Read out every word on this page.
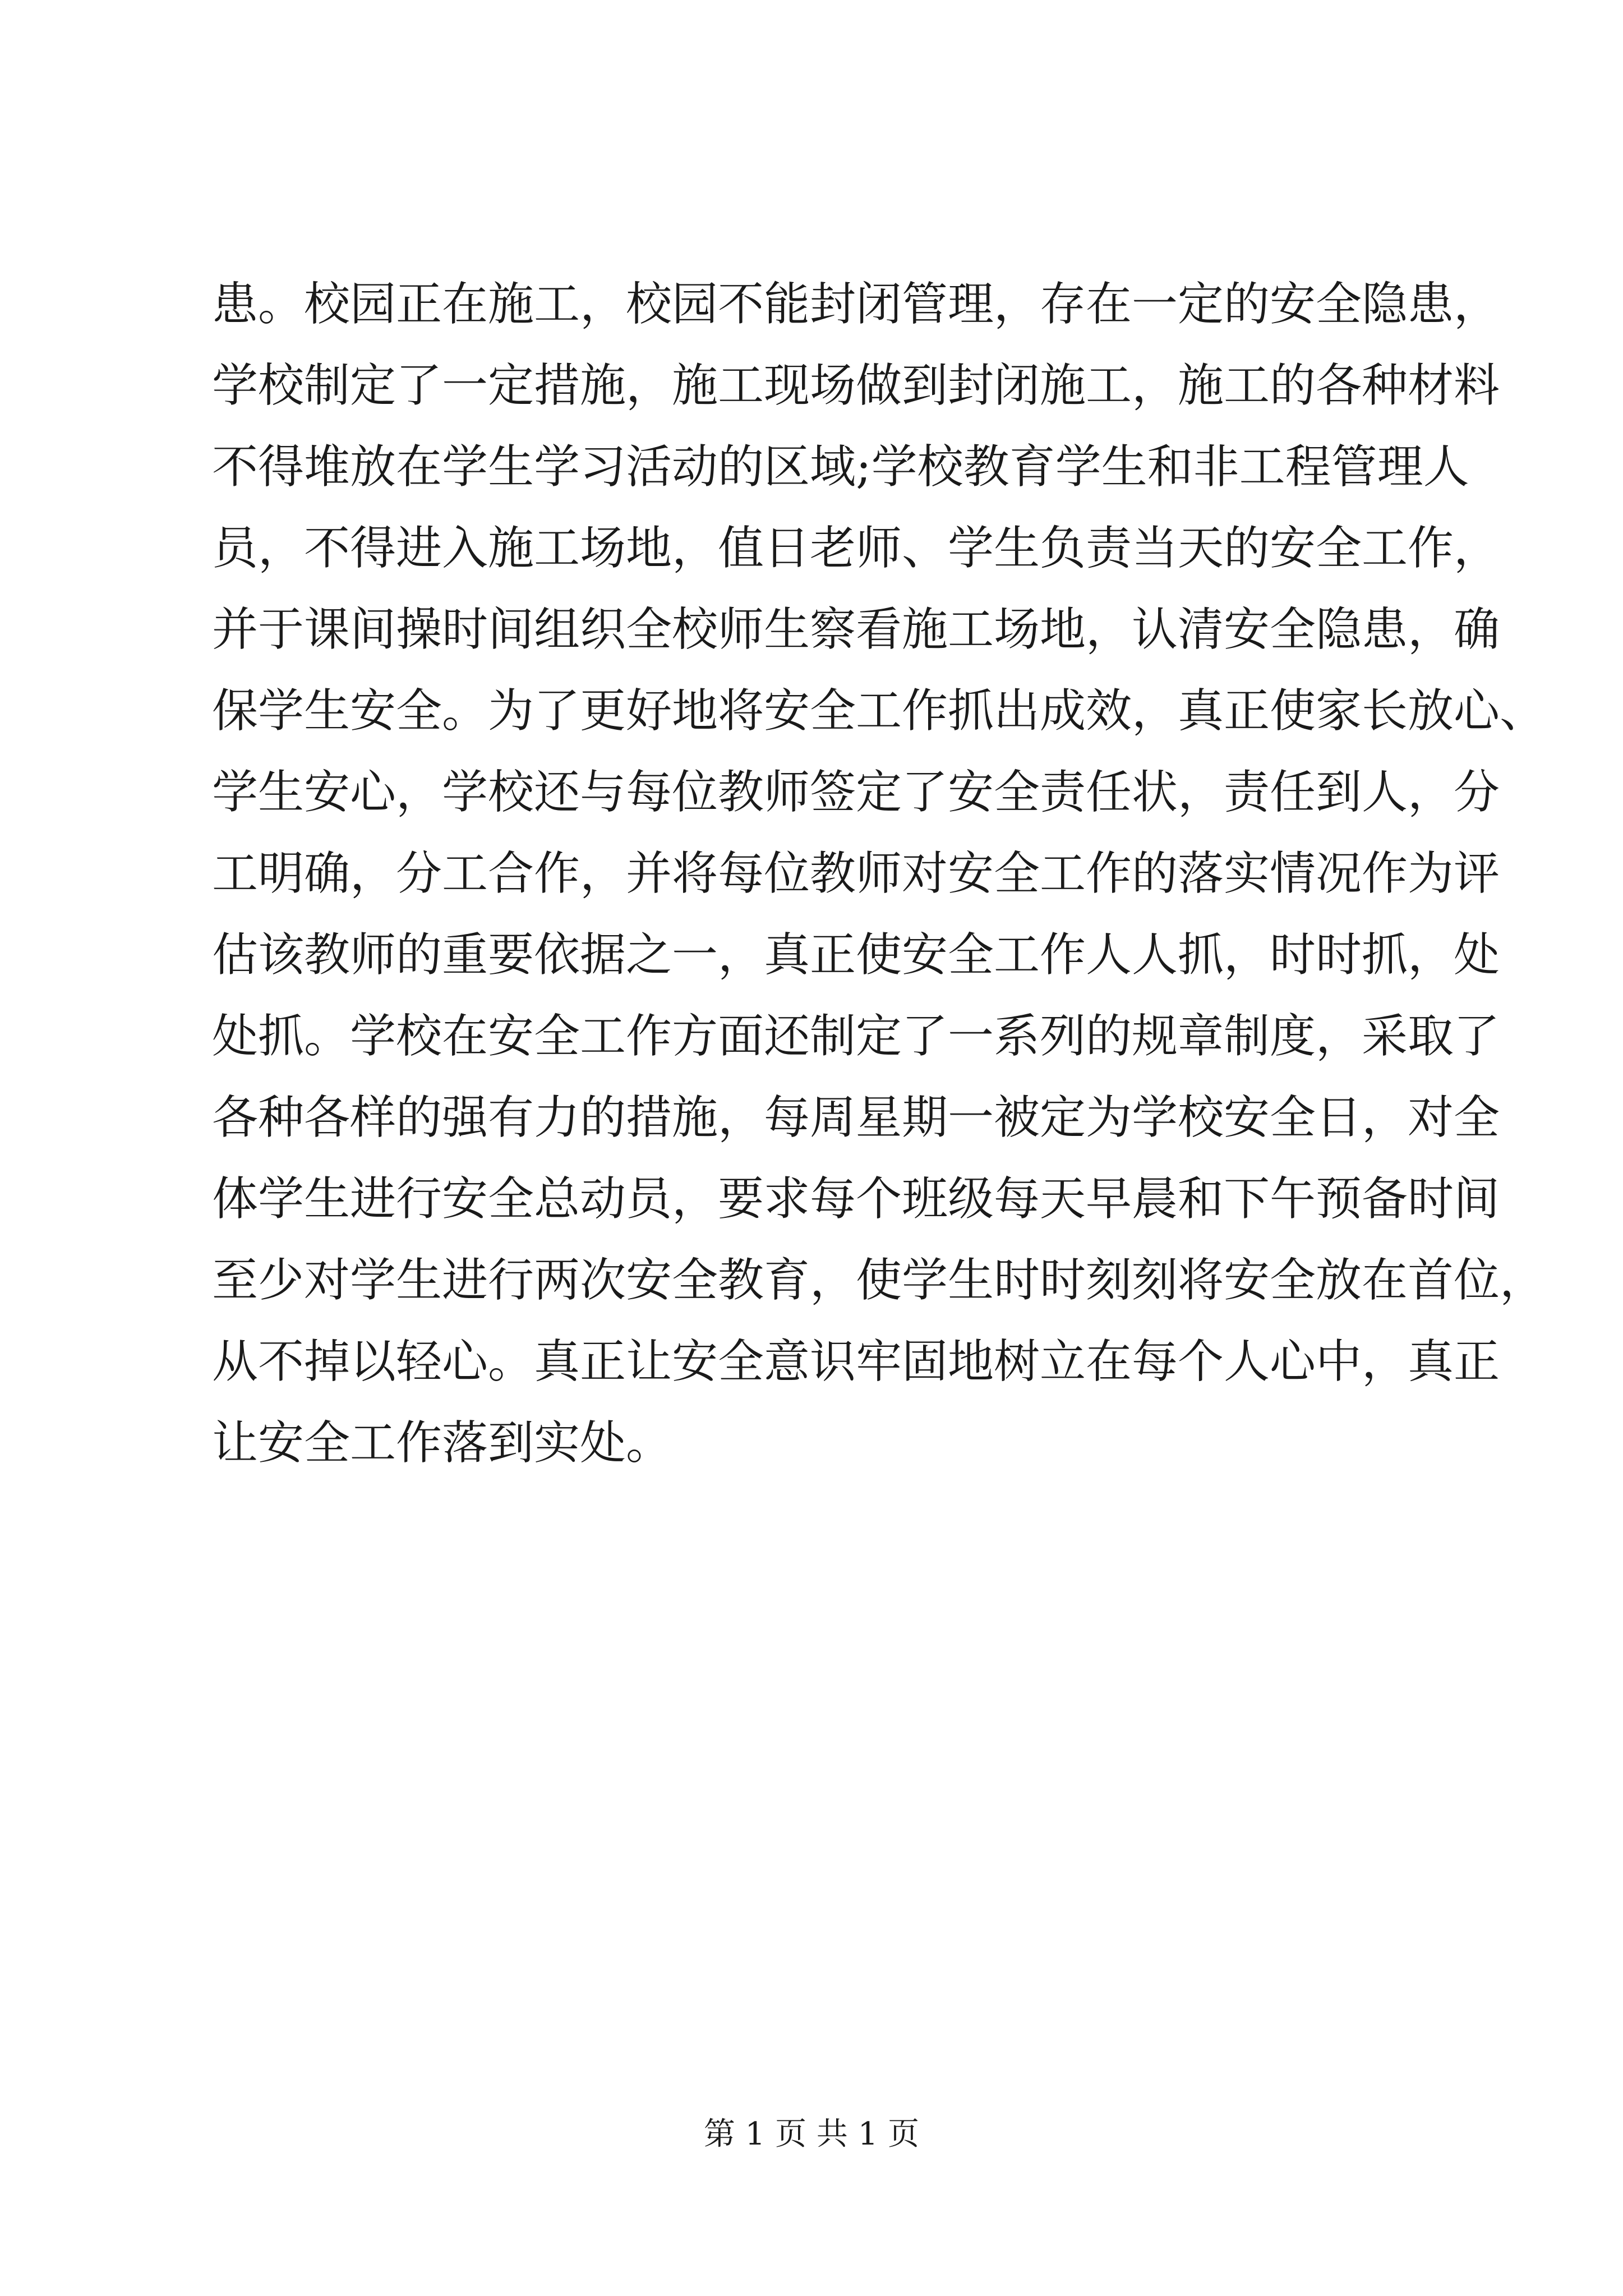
患。校园正在施工，校园不能封闭管理，存在一定的安全隐患，
学校制定了一定措施，施工现场做到封闭施工，施工的各种材料
不得堆放在学生学习活动的区域;学校教育学生和非工程管理人
员，不得进入施工场地，值日老师、学生负责当天的安全工作，
并于课间操时间组织全校师生察看施工场地，认清安全隐患，确
保学生安全。为了更好地将安全工作抓出成效，真正使家长放心、
学生安心，学校还与每位教师签定了安全责任状，责任到人，分
工明确，分工合作，并将每位教师对安全工作的落实情况作为评
估该教师的重要依据之一，真正使安全工作人人抓，时时抓，处
处抓。学校在安全工作方面还制定了一系列的规章制度，采取了
各种各样的强有力的措施，每周星期一被定为学校安全日，对全
体学生进行安全总动员，要求每个班级每天早晨和下午预备时间
至少对学生进行两次安全教育，使学生时时刻刻将安全放在首位，
从不掉以轻心。真正让安全意识牢固地树立在每个人心中，真正
让安全工作落到实处。
第 1 页 共 1 页
